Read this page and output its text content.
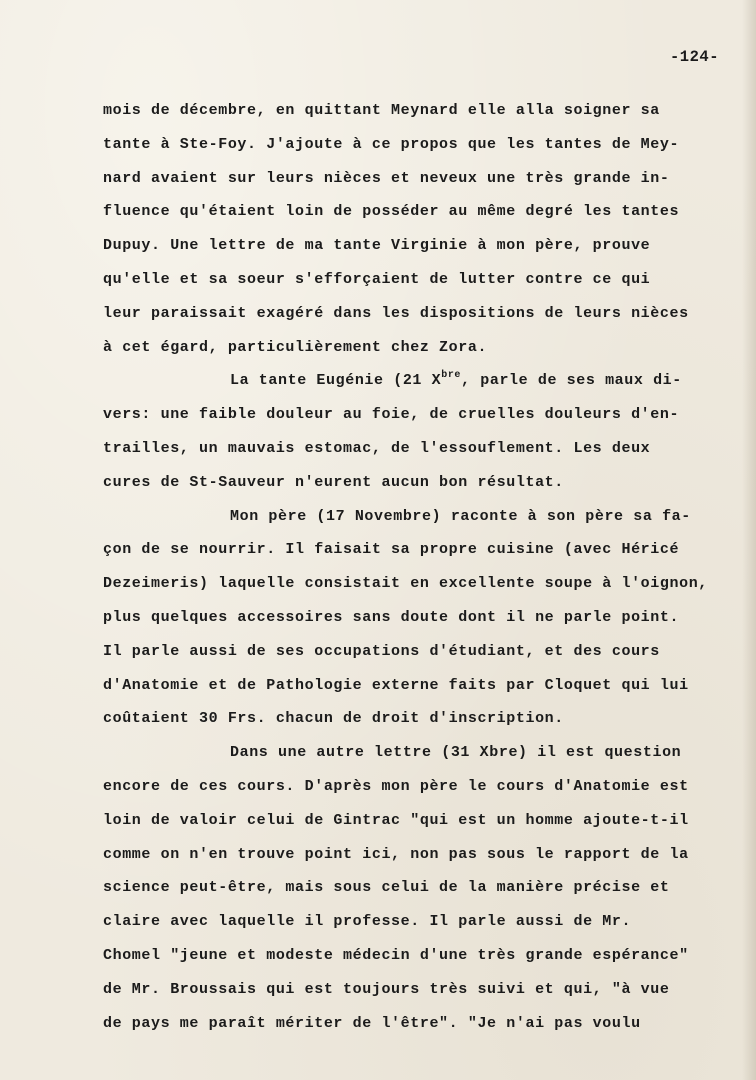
-124-
mois de décembre, en quittant Meynard elle alla soigner sa
tante à Ste-Foy. J'ajoute à ce propos que les tantes de Mey-
nard avaient sur leurs nièces et neveux une très grande in-
fluence qu'étaient loin de posséder au même degré les tantes
Dupuy. Une lettre de ma tante Virginie à mon père, prouve
qu'elle et sa soeur s'efforçaient de lutter contre ce qui
leur paraissait exagéré dans les dispositions de leurs nièces
à cet égard, particulièrement chez Zora.
La tante Eugénie (21 $X^{bre}$, parle de ses maux di-
vers: une faible douleur au foie, de cruelles douleurs d'en-
trailles, un mauvais estomac, de l'essouflement. Les deux
cures de St-Sauveur n'eurent aucun bon résultat.
Mon père (17 Novembre) raconte à son père sa fa-
çon de se nourrir. Il faisait sa propre cuisine (avec Héricé
Dezeimeris) laquelle consistait en excellente soupe à l'oignon,
plus quelques accessoires sans doute dont il ne parle point.
Il parle aussi de ses occupations d'étudiant, et des cours
d'Anatomie et de Pathologie externe faits par Cloquet qui lui
coûtaient 30 Frs. chacun de droit d'inscription.
Dans une autre lettre (31 Xbre) il est question
encore de ces cours. D'après mon père le cours d'Anatomie est
loin de valoir celui de Gintrac "qui est un homme ajoute-t-il
comme on n'en trouve point ici, non pas sous le rapport de la
science peut-être, mais sous celui de la manière précise et
claire avec laquelle il professe. Il parle aussi de Mr.
Chomel "jeune et modeste médecin d'une très grande espérance"
de Mr. Broussais qui est toujours très suivi et qui, "à vue
de pays me paraît mériter de l'être". "Je n'ai pas voulu
